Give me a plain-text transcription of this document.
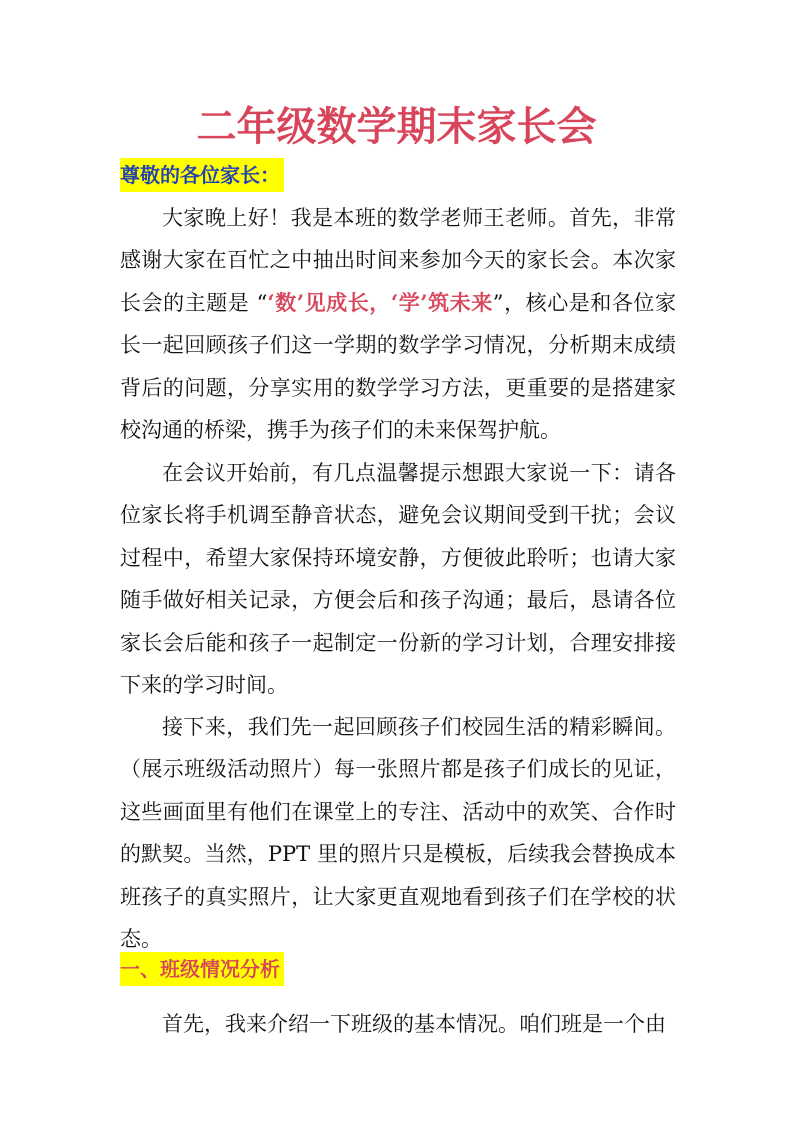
二年级数学期末家长会
尊敬的各位家长：

大家晚上好！我是本班的数学老师王老师。首先，非常感谢大家在百忙之中抽出时间来参加今天的家长会。本次家长会的主题是 “‘数’见成长，‘学’筑未来”，核心是和各位家长一起回顾孩子们这一学期的数学学习情况，分析期末成绩背后的问题，分享实用的数学学习方法，更重要的是搭建家校沟通的桥梁，携手为孩子们的未来保驾护航。

在会议开始前，有几点温馨提示想跟大家说一下：请各位家长将手机调至静音状态，避免会议期间受到干扰；会议过程中，希望大家保持环境安静，方便彼此聆听；也请大家随手做好相关记录，方便会后和孩子沟通；最后，恳请各位家长会后能和孩子一起制定一份新的学习计划，合理安排接下来的学习时间。

接下来，我们先一起回顾孩子们校园生活的精彩瞬间。（展示班级活动照片）每一张照片都是孩子们成长的见证，这些画面里有他们在课堂上的专注、活动中的欢笑、合作时的默契。当然，PPT 里的照片只是模板，后续我会替换成本班孩子的真实照片，让大家更直观地看到孩子们在学校的状态。

一、班级情况分析

首先，我来介绍一下班级的基本情况。咱们班是一个由
